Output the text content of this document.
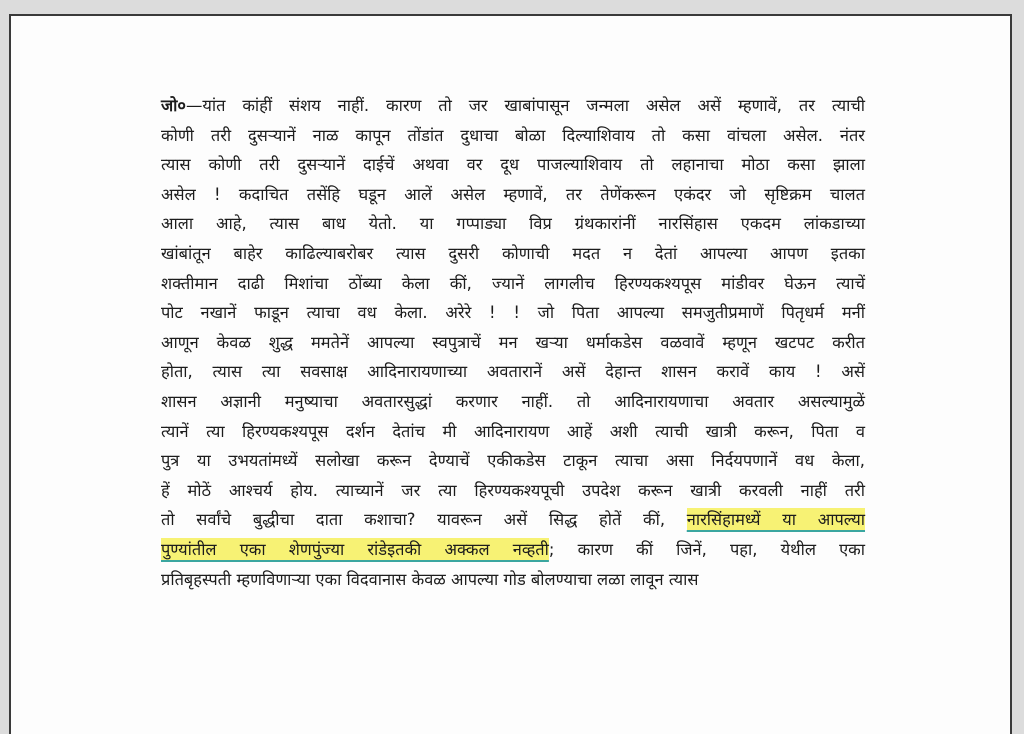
जो०—यांत कांहीं संशय नाहीं. कारण तो जर खाबांपासून जन्मला असेल असें म्हणावें, तर त्याची
कोणी तरी दुसऱ्यानें नाळ कापून तोंडांत दुधाचा बोळा दिल्याशिवाय तो कसा वांचला असेल. नंतर
त्यास कोणी तरी दुसऱ्यानें दाईचें अथवा वर दूध पाजल्याशिवाय तो लहानाचा मोठा कसा झाला
असेल ! कदाचित तसेंहि घडून आलें असेल म्हणावें, तर तेणेंकरून एकंदर जो सृष्टिक्रम चालत
आला आहे, त्यास बाध येतो. या गप्पाड्या विप्र ग्रंथकारांनीं नारसिंहास एकदम लांकडाच्या
खांबांतून बाहेर काढिल्याबरोबर त्यास दुसरी कोणाची मदत न देतां आपल्या आपण इतका
शक्तीमान दाढी मिशांचा ठोंब्या केला कीं, ज्यानें लागलीच हिरण्यकश्यपूस मांडीवर घेऊन त्याचें
पोट नखानें फाडून त्याचा वध केला. अरेरे ! ! जो पिता आपल्या समजुतीप्रमाणें पितृधर्म मनीं
आणून केवळ शुद्ध ममतेनें आपल्या स्वपुत्राचें मन खऱ्या धर्माकडेस वळवावें म्हणून खटपट करीत
होता, त्यास त्या सवसाक्ष आदिनारायणाच्या अवतारानें असें देहान्त शासन करावें काय ! असें
शासन अज्ञानी मनुष्याचा अवतारसुद्धां करणार नाहीं. तो आदिनारायणाचा अवतार असल्यामुळें
त्यानें त्या हिरण्यकश्यपूस दर्शन देतांच मी आदिनारायण आहें अशी त्याची खात्री करून, पिता व
पुत्र या उभयतांमध्यें सलोखा करून देण्याचें एकीकडेस टाकून त्याचा असा निर्दयपणानें वध केला,
हें मोठें आश्चर्य होय. त्याच्यानें जर त्या हिरण्यकश्यपूची उपदेश करून खात्री करवली नाहीं तरी
तो सर्वांचे बुद्धीचा दाता कशाचा? यावरून असें सिद्ध होतें कीं, नारसिंहामध्यें या आपल्या
पुण्यांतील एका शेणपुंज्या रांडेइतकी अक्कल नव्हती; कारण कीं जिनें, पहा, येथील एका
प्रतिबृहस्पती म्हणविणाऱ्या एका विदवानास केवळ आपल्या गोड बोलण्याचा लळा लावून त्यास
